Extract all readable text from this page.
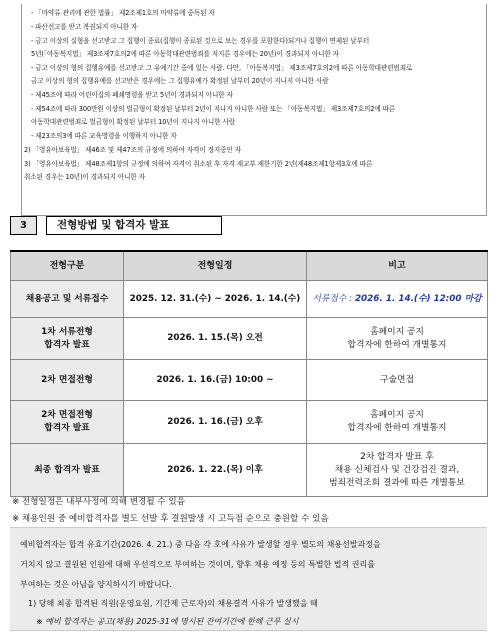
- 「마약류 관리에 관한 법률」 제2조제1호의 마약류에 중독된 자
- 파산선고를 받고 복권되지 아니한 자
- 금고 이상의 실형을 선고받고 그 집행이 종료(집행이 종료된 것으로 보는 경우를 포함한다)되거나 집행이 면제된 날부터
5년(「아동복지법」 제3조제7호의2에 따른 아동학대관련범죄를 저지른 경우에는 20년)이 경과되지 아니한 자
- 금고 이상의 형의 집행유예를 선고받고 그 유예기간 중에 있는 사람. 다만, 「아동복지법」 제3조제7호의2에 따른 아동학대관련범죄로
금고 이상의 형의 집행유예를 선고받은 경우에는 그 집행유예가 확정된 날부터 20년이 지나지 아니한 사람
- 제45조에 따라 어린이집의 폐쇄명령을 받고 5년이 경과되지 아니한 자
- 제54조에 따라 300만원 이상의 벌금형이 확정된 날부터 2년이 지나지 아니한 사람 또는 「아동복지법」 제3조제7호의2에 따른
아동학대관련범죄로 벌금형이 확정된 날부터 10년이 지나지 아니한 사람
- 제23조의3에 따른 교육명령을 이행하지 아니한 자
2) 「영유아보육법」 제46조 및 제47조의 규정에 의하여 자격이 정지중인 자
3) 「영유아보육법」 제48조제1항의 규정에 의하여 자격이 취소된 후 자격 재교부 제한기한 2년(제48조제1항제3호에 따른
취소된 경우는 10년)이 경과되지 아니한 자
3	전형방법 및 합격자 발표
전형구분	전형일정	비고
채용공고 및 서류접수	2025. 12. 31.(수) ~ 2026. 1. 14.(수)	서류접수 : 2026. 1. 14.(수) 12:00 마감
1차 서류전형
합격자 발표	2026. 1. 15.(목) 오전	홈페이지 공지
합격자에 한하여 개별통지
2차 면접전형	2026. 1. 16.(금) 10:00 ~	구술면접
2차 면접전형
합격자 발표	2026. 1. 16.(금) 오후	홈페이지 공지
합격자에 한하여 개별통지
최종 합격자 발표	2026. 1. 22.(목) 이후	2차 합격자 발표 후
채용 신체검사 및 건강검진 결과,
범죄전력조회 결과에 따른 개별통보
※ 전형일정은 내부사정에 의해 변경될 수 있음
※ 채용인원 중 예비합격자를 별도 선발 후 결원발생 시 고득점 순으로 충원할 수 있음
예비합격자는 합격 유효기간(2026. 4. 21.) 중 다음 각 호에 사유가 발생할 경우 별도의 채용선발과정을
거치지 않고 결원된 인원에 대해 우선적으로 부여하는 것이며, 향후 채용 예정 등의 특별한 법적 권리를
부여하는 것은 아님을 양지하시기 바랍니다.
1) 당해 최종 합격된 직원(운영요원, 기간제 근로자)의 채용결격 사유가 발생했을 때
※ 예비 합격자는 공고(채용) 2025-31에 명시된 잔여기간에 한해 근무 실시
